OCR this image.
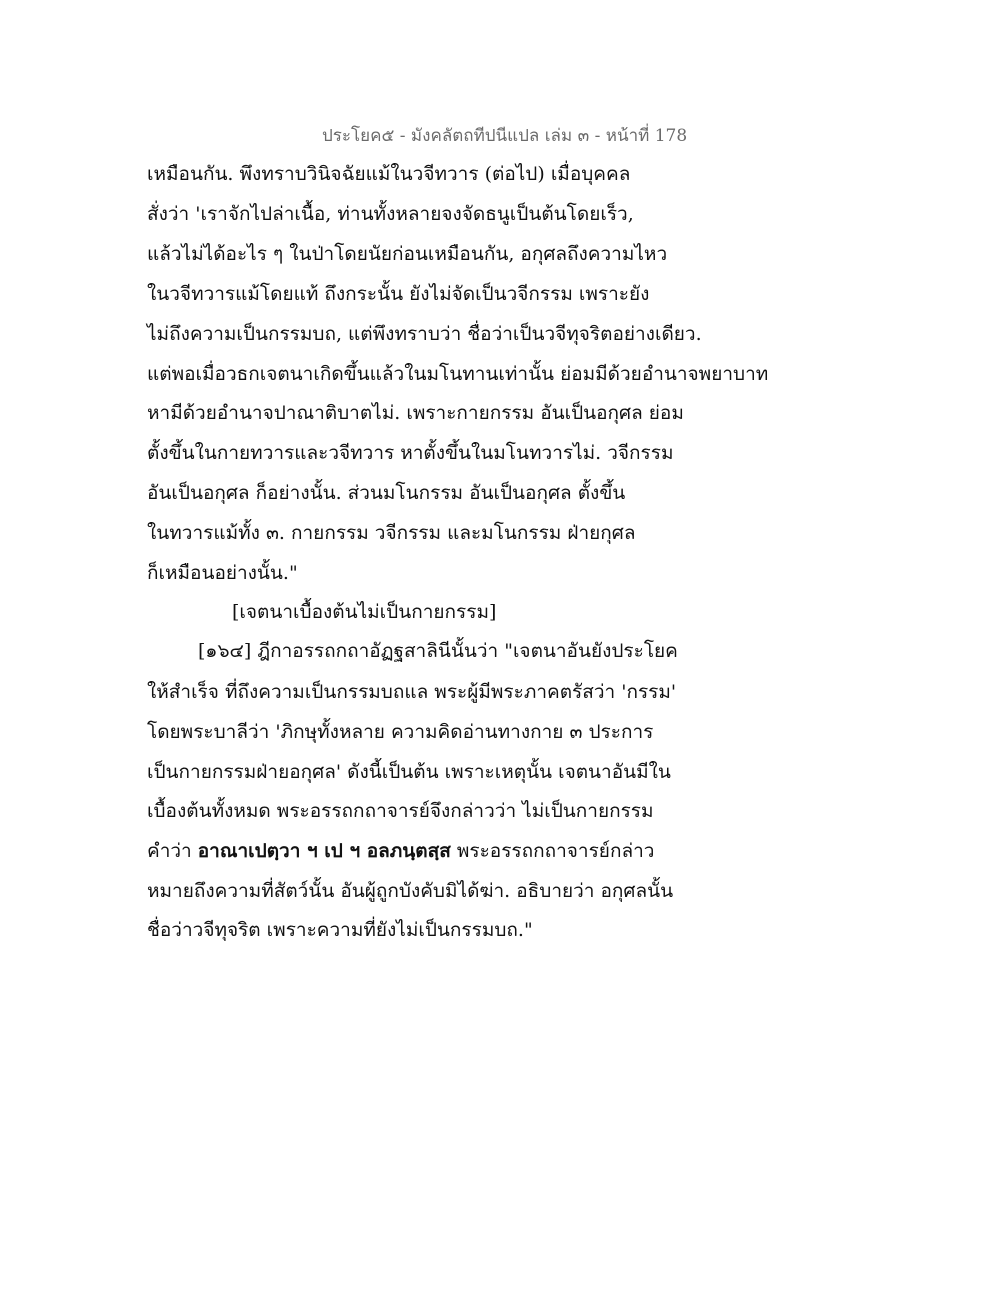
ประโยค๕ - มังคลัตถทีปนีแปล เล่ม ๓ - หน้าที่ 178
เหมือนกัน. พึงทราบวินิจฉัยแม้ในวจีทวาร (ต่อไป) เมื่อบุคคล
สั่งว่า 'เราจักไปล่าเนื้อ, ท่านทั้งหลายจงจัดธนูเป็นต้นโดยเร็ว,
แล้วไม่ได้อะไร ๆ ในป่าโดยนัยก่อนเหมือนกัน, อกุศลถึงความไหว
ในวจีทวารแม้โดยแท้ ถึงกระนั้น ยังไม่จัดเป็นวจีกรรม เพราะยัง
ไม่ถึงความเป็นกรรมบถ, แต่พึงทราบว่า ชื่อว่าเป็นวจีทุจริตอย่างเดียว.
แต่พอเมื่อวธกเจตนาเกิดขึ้นแล้วในมโนทานเท่านั้น ย่อมมีด้วยอำนาจพยาบาท
หามีด้วยอำนาจปาณาติบาตไม่. เพราะกายกรรม อันเป็นอกุศล ย่อม
ตั้งขึ้นในกายทวารและวจีทวาร หาตั้งขึ้นในมโนทวารไม่. วจีกรรม
อันเป็นอกุศล ก็อย่างนั้น. ส่วนมโนกรรม อันเป็นอกุศล ตั้งขึ้น
ในทวารแม้ทั้ง ๓. กายกรรม วจีกรรม และมโนกรรม ฝ่ายกุศล
ก็เหมือนอย่างนั้น."
[เจตนาเบื้องต้นไม่เป็นกายกรรม]
[๑๖๔] ฎีกาอรรถกถาอัฏฐสาลินีนั้นว่า "เจตนาอันยังประโยค
ให้สำเร็จ ที่ถึงความเป็นกรรมบถแล พระผู้มีพระภาคตรัสว่า 'กรรม'
โดยพระบาลีว่า 'ภิกษุทั้งหลาย ความคิดอ่านทางกาย ๓ ประการ
เป็นกายกรรมฝ่ายอกุศล' ดังนี้เป็นต้น เพราะเหตุนั้น เจตนาอันมีใน
เบื้องต้นทั้งหมด พระอรรถกถาจารย์จึงกล่าวว่า ไม่เป็นกายกรรม
คำว่า อาณาเปตฺวา ฯ เป ฯ อลภนฺตสฺส พระอรรถกถาจารย์กล่าว
หมายถึงความที่สัตว์นั้น อันผู้ถูกบังคับมิได้ฆ่า. อธิบายว่า อกุศลนั้น
ชื่อว่าวจีทุจริต เพราะความที่ยังไม่เป็นกรรมบถ."
